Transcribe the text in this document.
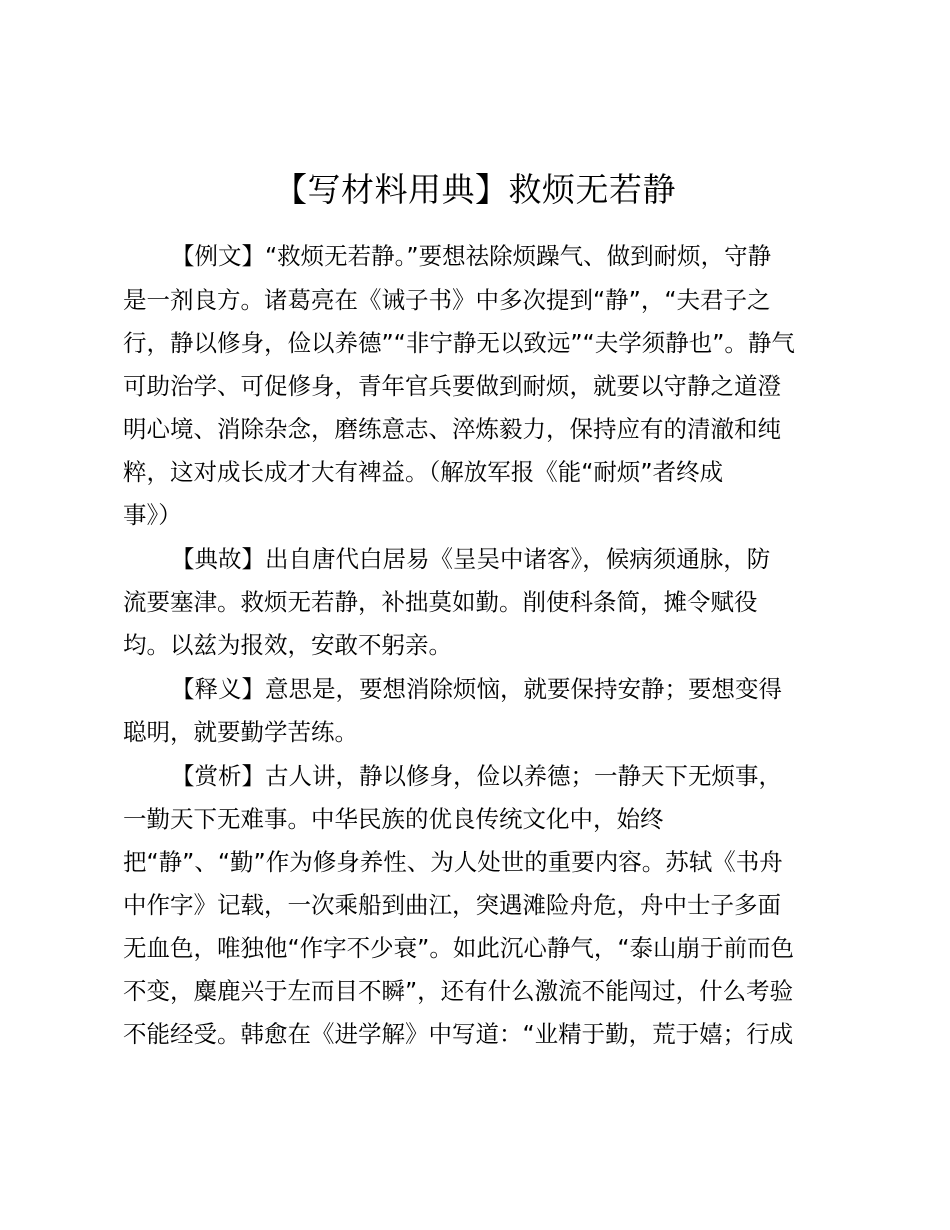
【写材料用典】救烦无若静

【例文】“救烦无若静。”要想祛除烦躁气、做到耐烦，守静

是一剂良方。诸葛亮在《诫子书》中多次提到“静”，“夫君子之

行，静以修身，俭以养德”“非宁静无以致远”“夫学须静也”。静气

可助治学、可促修身，青年官兵要做到耐烦，就要以守静之道澄

明心境、消除杂念，磨练意志、淬炼毅力，保持应有的清澈和纯

粹，这对成长成才大有裨益。（解放军报《能“耐烦”者终成

事》）

【典故】出自唐代白居易《呈吴中诸客》，候病须通脉，防

流要塞津。救烦无若静，补拙莫如勤。削使科条简，摊令赋役

均。以兹为报效，安敢不躬亲。

【释义】意思是，要想消除烦恼，就要保持安静；要想变得

聪明，就要勤学苦练。

【赏析】古人讲，静以修身，俭以养德；一静天下无烦事，

一勤天下无难事。中华民族的优良传统文化中，始终

把“静”、“勤”作为修身养性、为人处世的重要内容。苏轼《书舟

中作字》记载，一次乘船到曲江，突遇滩险舟危，舟中士子多面

无血色，唯独他“作字不少衰”。如此沉心静气，“泰山崩于前而色

不变，麋鹿兴于左而目不瞬”，还有什么激流不能闯过，什么考验

不能经受。韩愈在《进学解》中写道：“业精于勤，荒于嬉；行成
